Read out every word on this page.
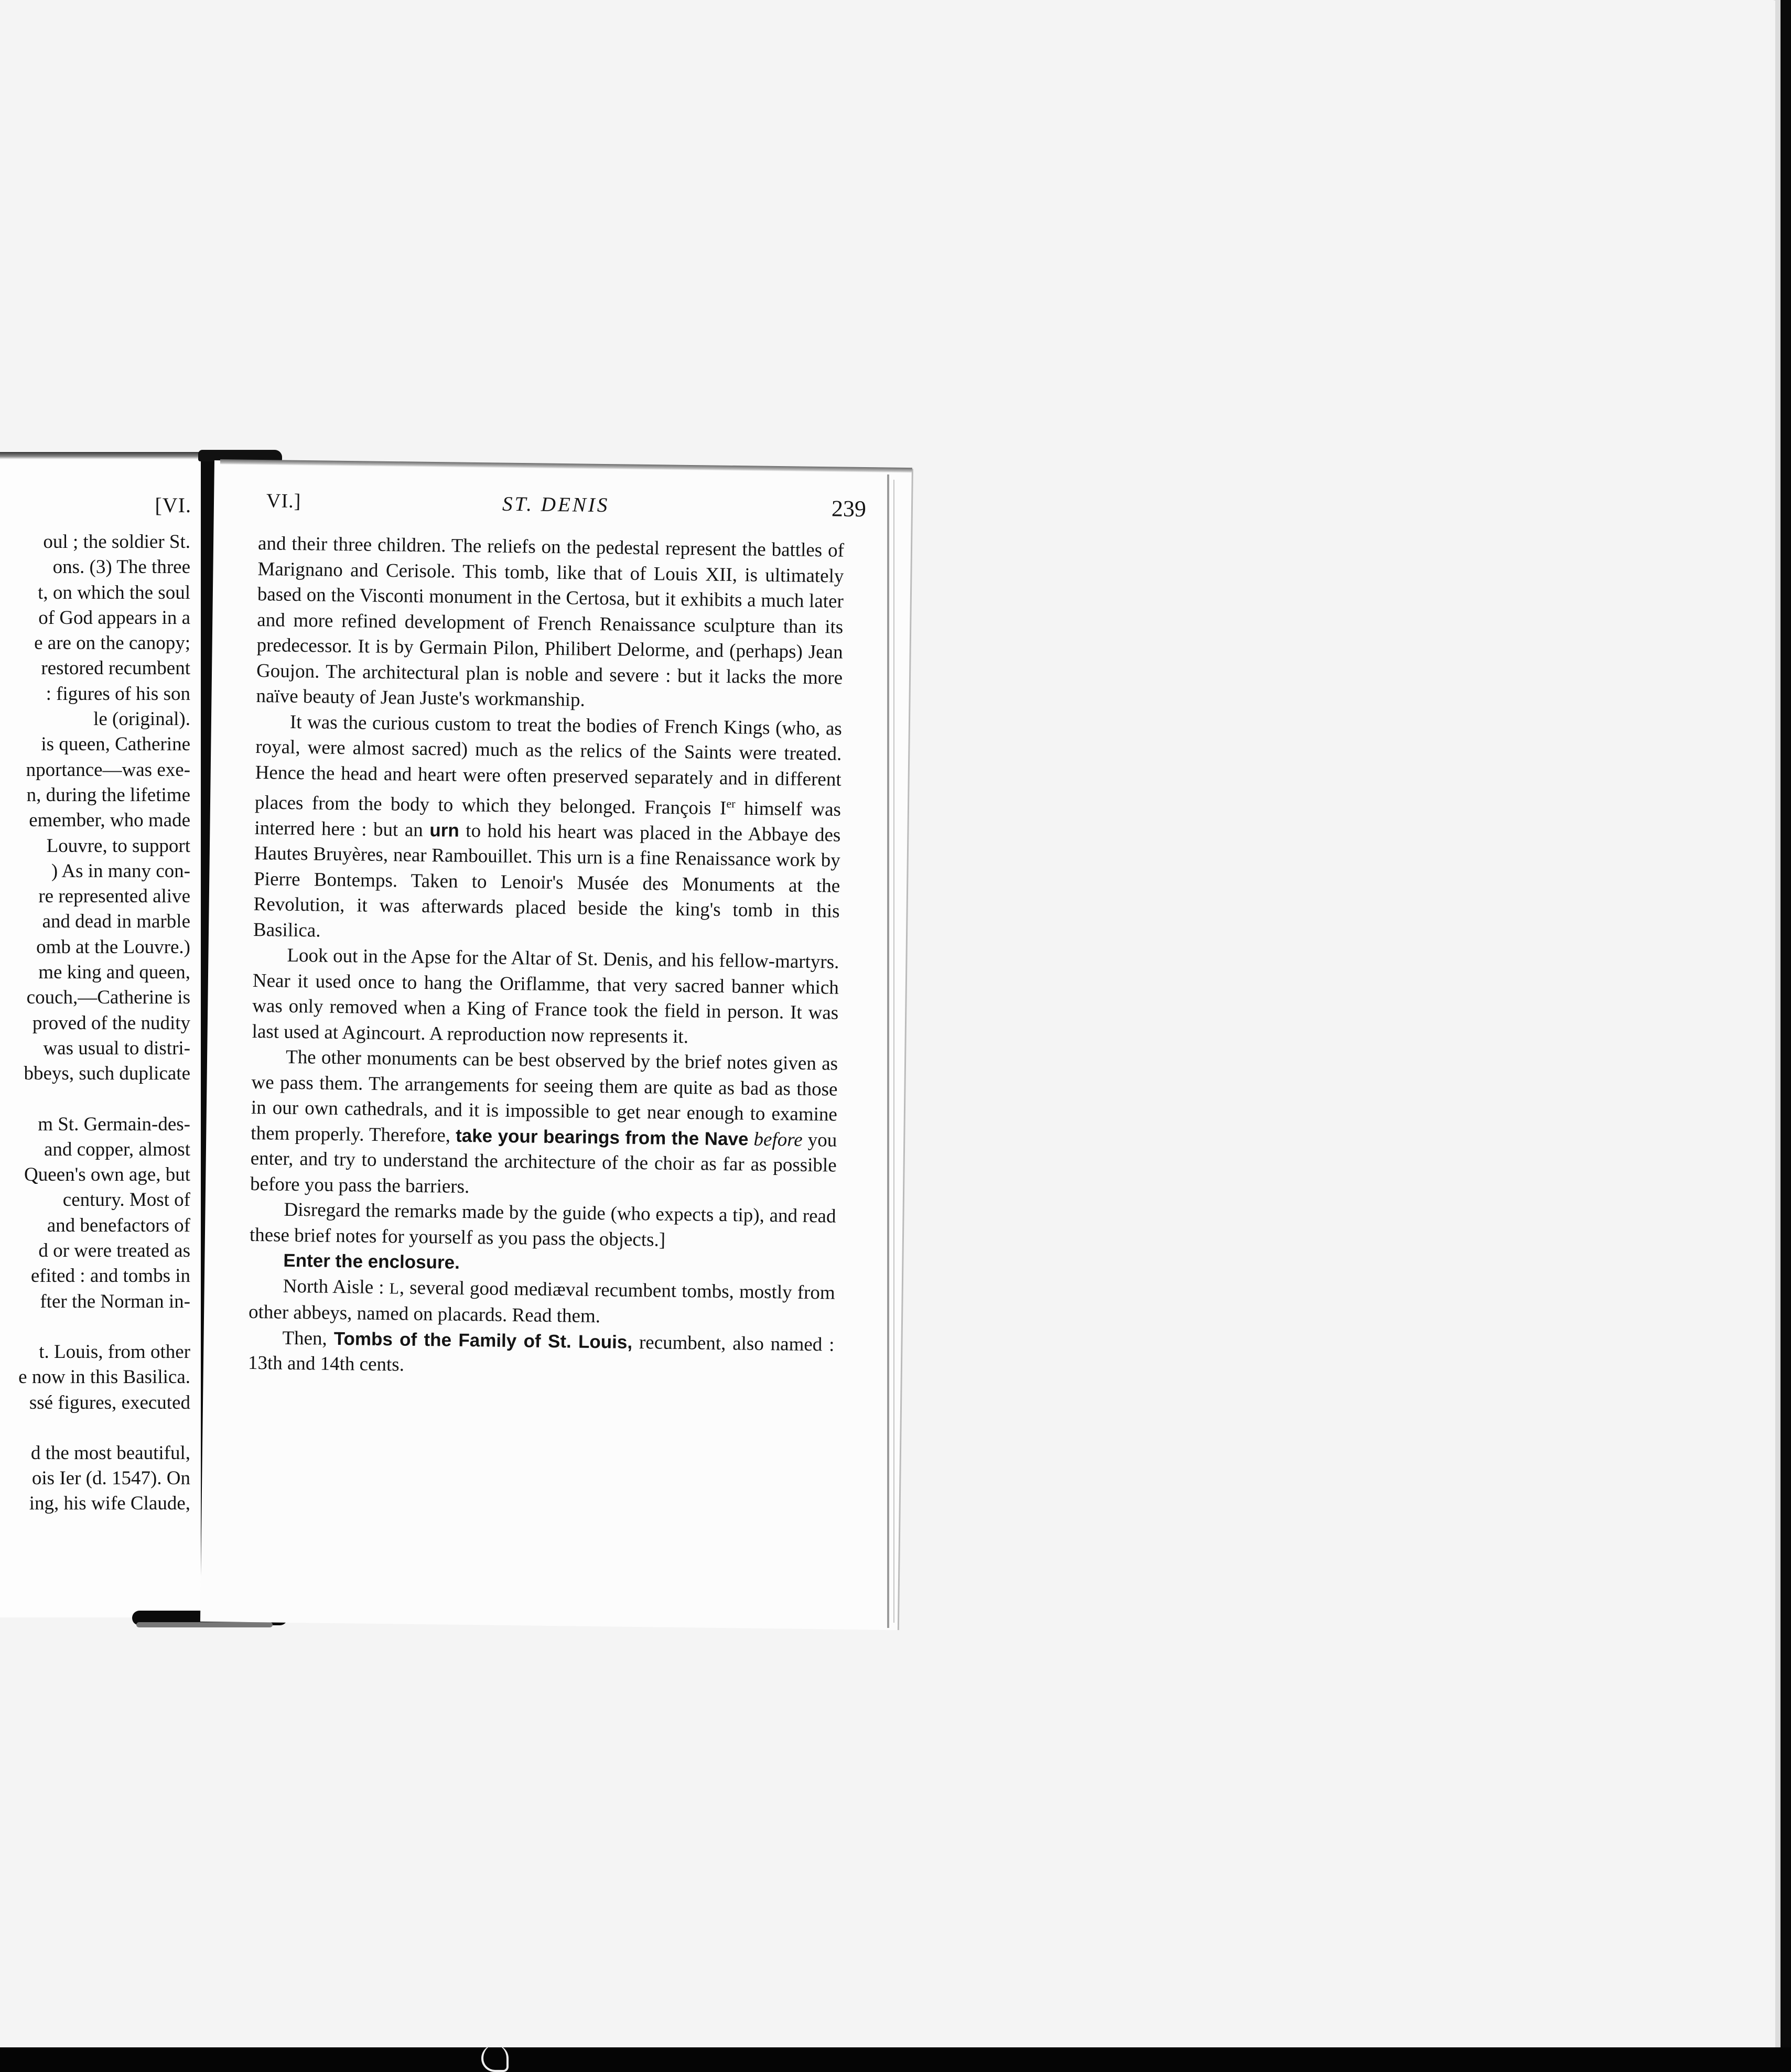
[VI.
oul ; the soldier St.
ons. (3) The three
t, on which the soul
of God appears in a
e are on the canopy;
restored recumbent
: figures of his son
le (original).
is queen, Catherine
nportance—was exe-
n, during the lifetime
emember, who made
Louvre, to support
) As in many con-
re represented alive
and dead in marble
omb at the Louvre.)
me king and queen,
couch,—Catherine is
proved of the nudity
was usual to distri-
bbeys, such duplicate
m St. Germain-des-
and copper, almost
Queen's own age, but
century. Most of
and benefactors of
d or were treated as
efited : and tombs in
fter the Norman in-
t. Louis, from other
e now in this Basilica.
ssé figures, executed
d the most beautiful,
ois Ier (d. 1547). On
ing, his wife Claude,
VI.]	ST. DENIS	239

and their three children. The reliefs on the pedestal represent the battles of Marignano and Cerisole. This tomb, like that of Louis XII, is ultimately based on the Visconti monument in the Certosa, but it exhibits a much later and more refined development of French Renaissance sculpture than its predecessor. It is by Germain Pilon, Philibert Delorme, and (perhaps) Jean Goujon. The architectural plan is noble and severe : but it lacks the more naïve beauty of Jean Juste's workmanship.

It was the curious custom to treat the bodies of French Kings (who, as royal, were almost sacred) much as the relics of the Saints were treated. Hence the head and heart were often preserved separately and in different places from the body to which they belonged. François Ier himself was interred here : but an urn to hold his heart was placed in the Abbaye des Hautes Bruyères, near Rambouillet. This urn is a fine Renaissance work by Pierre Bontemps. Taken to Lenoir's Musée des Monuments at the Revolution, it was afterwards placed beside the king's tomb in this Basilica.

Look out in the Apse for the Altar of St. Denis, and his fellow-martyrs. Near it used once to hang the Oriflamme, that very sacred banner which was only removed when a King of France took the field in person. It was last used at Agincourt. A reproduction now represents it.

The other monuments can be best observed by the brief notes given as we pass them. The arrangements for seeing them are quite as bad as those in our own cathedrals, and it is impossible to get near enough to examine them properly. Therefore, take your bearings from the Nave before you enter, and try to understand the architecture of the choir as far as possible before you pass the barriers.

Disregard the remarks made by the guide (who expects a tip), and read these brief notes for yourself as you pass the objects.]

Enter the enclosure.

North Aisle : L, several good mediæval recumbent tombs, mostly from other abbeys, named on placards. Read them.

Then, Tombs of the Family of St. Louis, recumbent, also named : 13th and 14th cents.
